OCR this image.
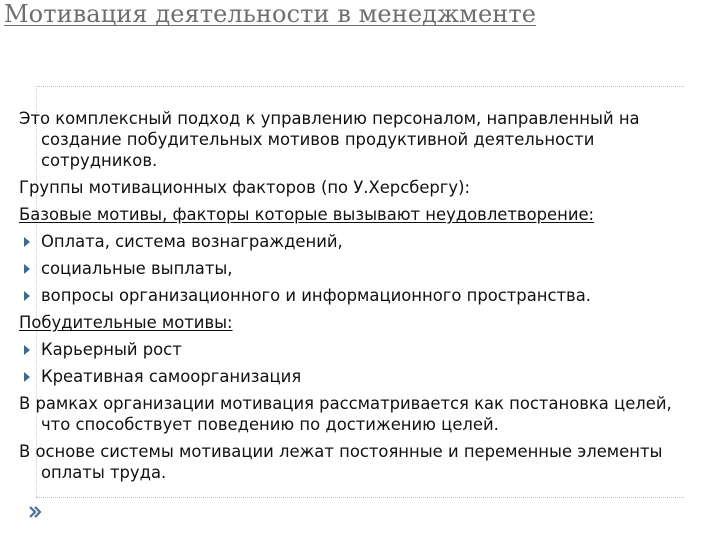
Мотивация деятельности в менеджменте
Это комплексный подход к управлению персоналом, направленный на создание побудительных мотивов продуктивной деятельности сотрудников.
Группы мотивационных факторов (по У.Херсбергу):
Базовые мотивы, факторы которые вызывают неудовлетворение:
Оплата, система вознаграждений,
социальные выплаты,
вопросы организационного и информационного пространства.
Побудительные мотивы:
Карьерный рост
Креативная самоорганизация
В рамках организации мотивация рассматривается как постановка целей, что способствует поведению по достижению целей.
В основе системы мотивации лежат постоянные и переменные элементы оплаты труда.
